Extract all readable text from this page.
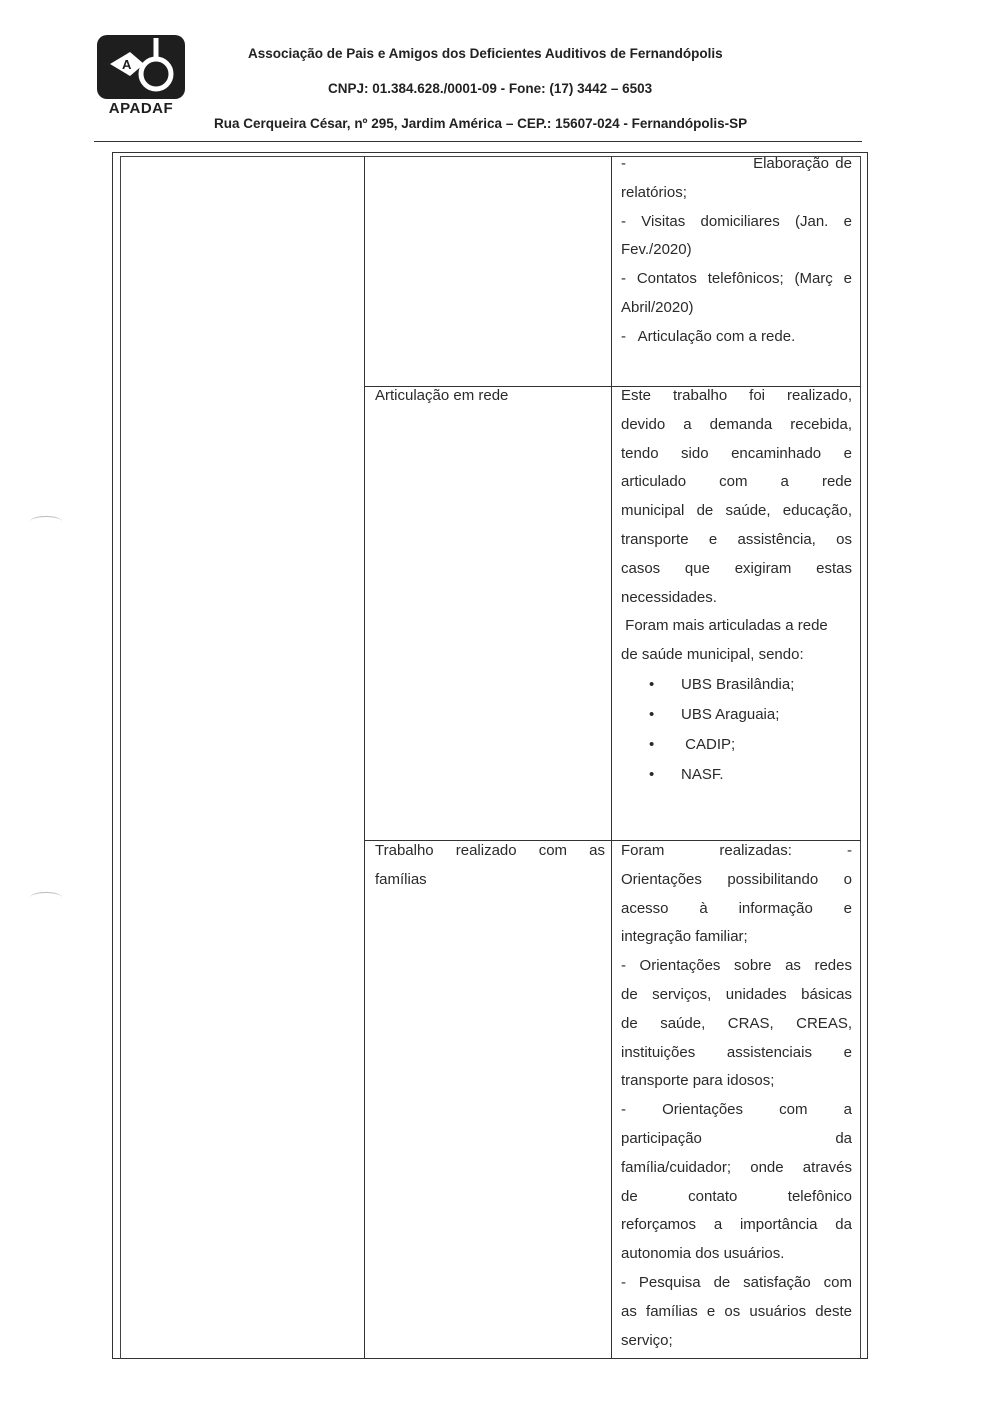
A
APADAF
Associação de Pais e Amigos dos Deficientes Auditivos de Fernandópolis
CNPJ: 01.384.628./0001-09 - Fone: (17) 3442 – 6503
Rua Cerqueira César, nº 295, Jardim América – CEP.: 15607-024 - Fernandópolis-SP
-                    Elaboração de
relatórios;
- Visitas domiciliares (Jan. e
Fev./2020)
- Contatos telefônicos; (Març e
Abril/2020)
-   Articulação com a rede.
Articulação em rede	Este trabalho foi realizado,
devido a demanda recebida,
tendo sido encaminhado e
articulado com a rede
municipal de saúde, educação,
transporte e assistência, os
casos que exigiram estas
necessidades.
Foram mais articuladas a rede
de saúde municipal, sendo:
• UBS Brasilândia;
• UBS Araguaia;
•  CADIP;
• NASF.
Trabalho realizado com as
famílias
Foram realizadas: -
Orientações possibilitando o
acesso à informação e
integração familiar;
- Orientações sobre as redes
de serviços, unidades básicas
de saúde, CRAS, CREAS,
instituições assistenciais e
transporte para idosos;
- Orientações com a
participação da
família/cuidador; onde através
de contato telefônico
reforçamos a importância da
autonomia dos usuários.
- Pesquisa de satisfação com
as famílias e os usuários deste
serviço;
